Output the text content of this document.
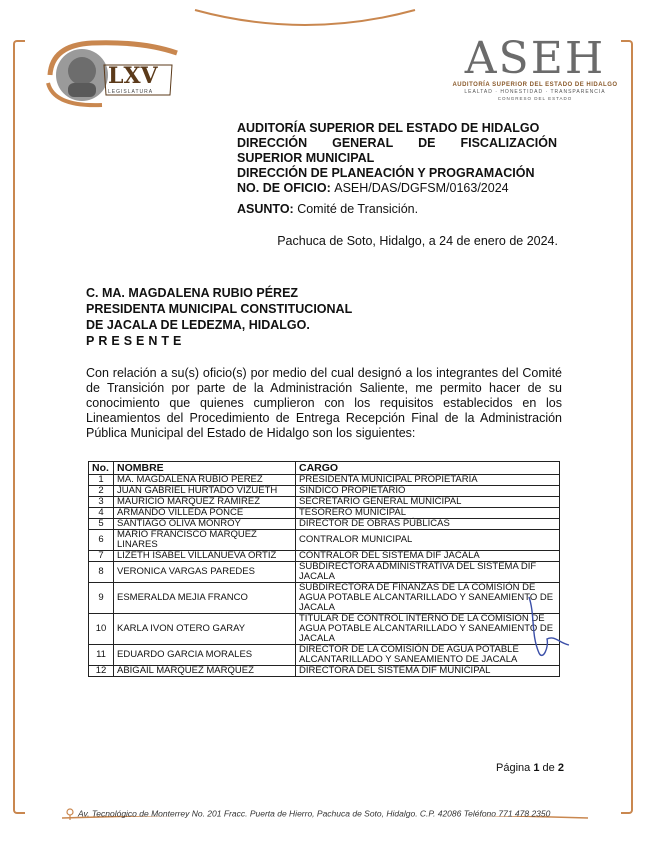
LXV
LEGISLATURA
ASEH
AUDITORÍA SUPERIOR DEL ESTADO DE HIDALGO
LEALTAD · HONESTIDAD · TRANSPARENCIA
CONGRESO DEL ESTADO
AUDITORÍA SUPERIOR DEL ESTADO DE HIDALGO
DIRECCIÓN GENERAL DE FISCALIZACIÓN
SUPERIOR MUNICIPAL
DIRECCIÓN DE PLANEACIÓN Y PROGRAMACIÓN
NO. DE OFICIO: ASEH/DAS/DGFSM/0163/2024
ASUNTO: Comité de Transición.
Pachuca de Soto, Hidalgo, a 24 de enero de 2024.
C. MA. MAGDALENA RUBIO PÉREZ
PRESIDENTA MUNICIPAL CONSTITUCIONAL
DE JACALA DE LEDEZMA, HIDALGO.
PRESENTE
Con relación a su(s) oficio(s) por medio del cual designó a los integrantes del Comité de Transición por parte de la Administración Saliente, me permito hacer de su conocimiento que quienes cumplieron con los requisitos establecidos en los Lineamientos del Procedimiento de Entrega Recepción Final de la Administración Pública Municipal del Estado de Hidalgo son los siguientes:
No.	NOMBRE	CARGO
1	MA. MAGDALENA RUBIO PEREZ	PRESIDENTA MUNICIPAL PROPIETARIA
2	JUAN GABRIEL HURTADO VIZUETH	SINDICO PROPIETARIO
3	MAURICIO MARQUEZ RAMIREZ	SECRETARIO GENERAL MUNICIPAL
4	ARMANDO VILLEDA PONCE	TESORERO MUNICIPAL
5	SANTIAGO OLIVA MONROY	DIRECTOR DE OBRAS PÚBLICAS
6	MARIO FRANCISCO MARQUEZ LINARES	CONTRALOR MUNICIPAL
7	LIZETH ISABEL VILLANUEVA ORTIZ	CONTRALOR DEL SISTEMA DIF JACALA
8	VERONICA VARGAS PAREDES	SUBDIRECTORA ADMINISTRATIVA DEL SISTEMA DIF JACALA
9	ESMERALDA MEJIA FRANCO	SUBDIRECTORA DE FINANZAS DE LA COMISIÓN DE AGUA POTABLE ALCANTARILLADO Y SANEAMIENTO DE JACALA
10	KARLA IVON OTERO GARAY	TITULAR DE CONTROL INTERNO DE LA COMISION DE AGUA POTABLE ALCANTARILLADO Y SANEAMIENTO DE JACALA
11	EDUARDO GARCIA MORALES	DIRECTOR DE LA COMISIÓN DE AGUA POTABLE ALCANTARILLADO Y SANEAMIENTO DE JACALA
12	ABIGAIL MARQUEZ MARQUEZ	DIRECTORA DEL SISTEMA DIF MUNICIPAL
Página 1 de 2
Av. Tecnológico de Monterrey No. 201 Fracc. Puerta de Hierro, Pachuca de Soto, Hidalgo. C.P. 42086 Teléfono 771 478 2350
